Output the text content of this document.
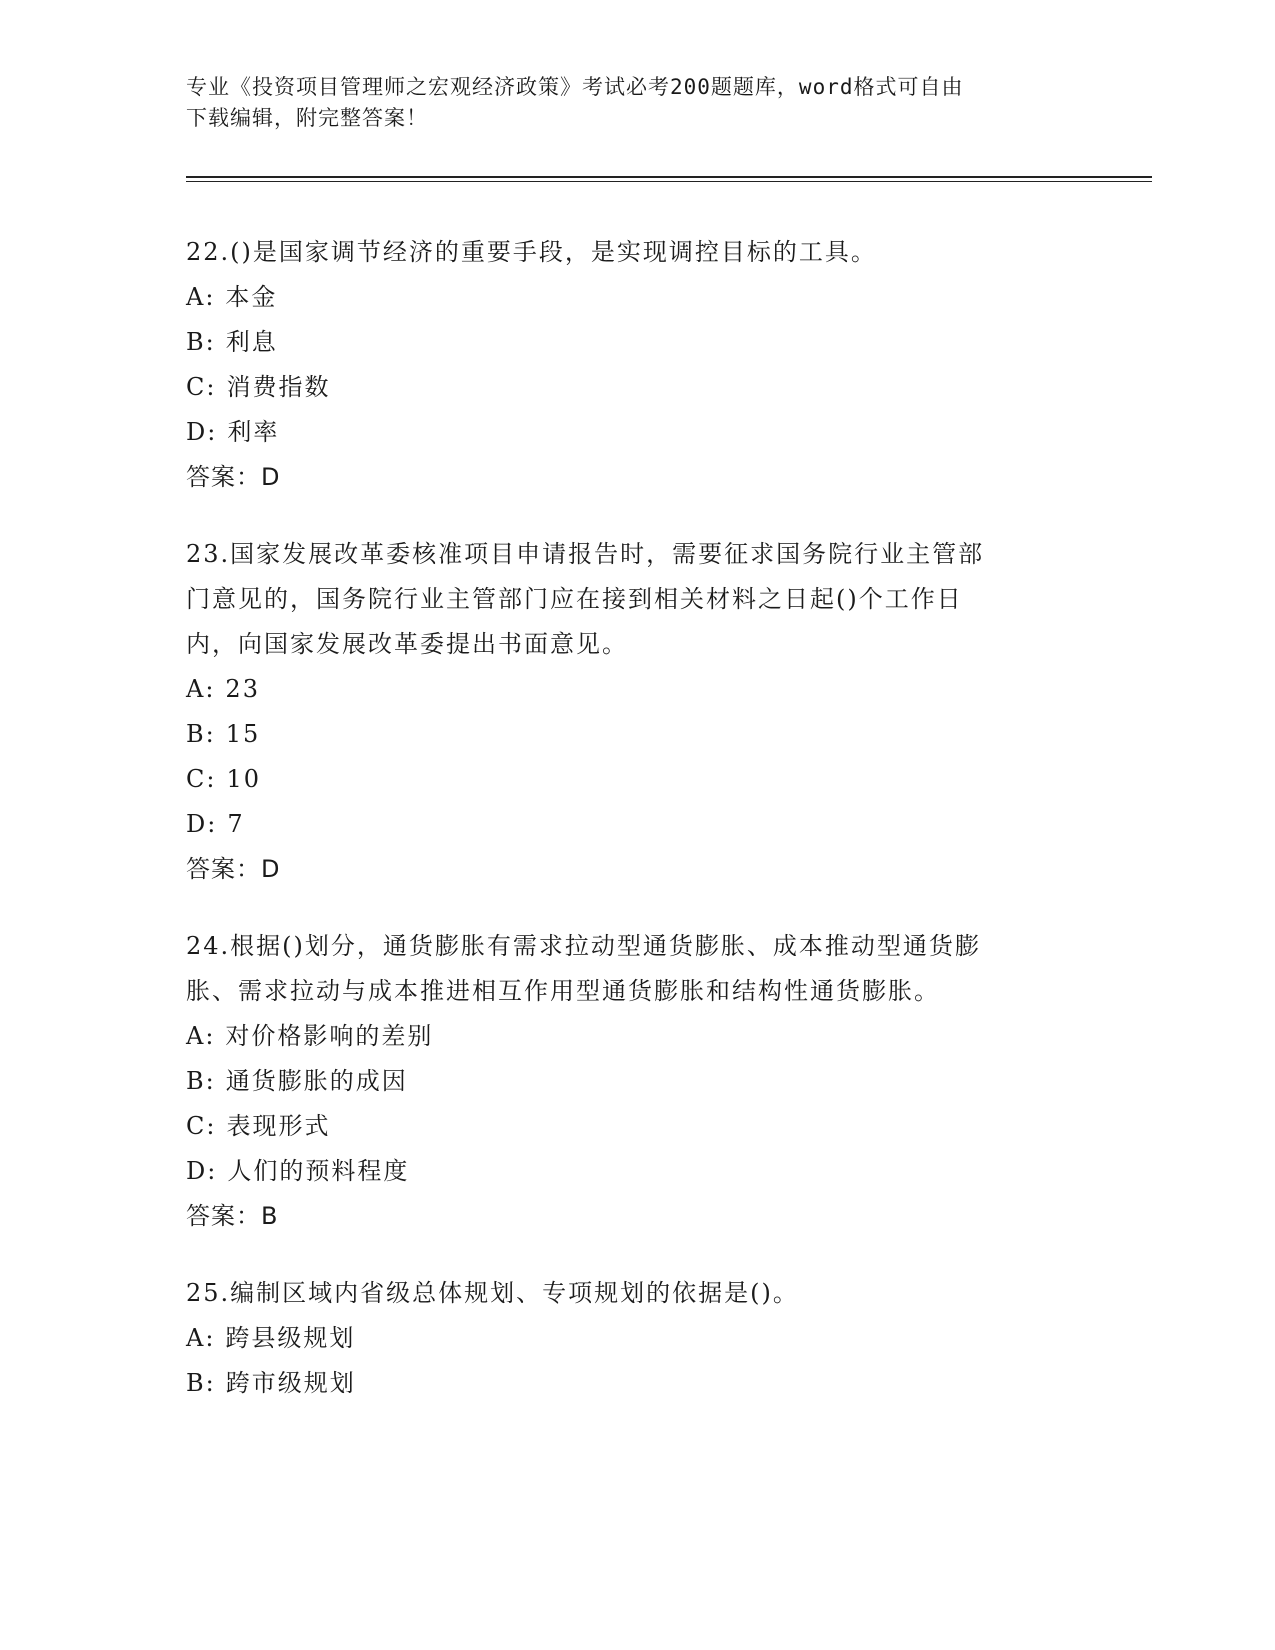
专业《投资项目管理师之宏观经济政策》考试必考200题题库，word格式可自由
下载编辑，附完整答案！

22.()是国家调节经济的重要手段，是实现调控目标的工具。

A: 本金

B: 利息

C: 消费指数

D: 利率

答案：D

23.国家发展改革委核准项目申请报告时，需要征求国务院行业主管部

门意见的，国务院行业主管部门应在接到相关材料之日起()个工作日

内，向国家发展改革委提出书面意见。

A: 23

B: 15

C: 10

D: 7

答案：D

24.根据()划分，通货膨胀有需求拉动型通货膨胀、成本推动型通货膨

胀、需求拉动与成本推进相互作用型通货膨胀和结构性通货膨胀。

A: 对价格影响的差别

B: 通货膨胀的成因

C: 表现形式

D: 人们的预料程度

答案：B

25.编制区域内省级总体规划、专项规划的依据是()。

A: 跨县级规划

B: 跨市级规划
